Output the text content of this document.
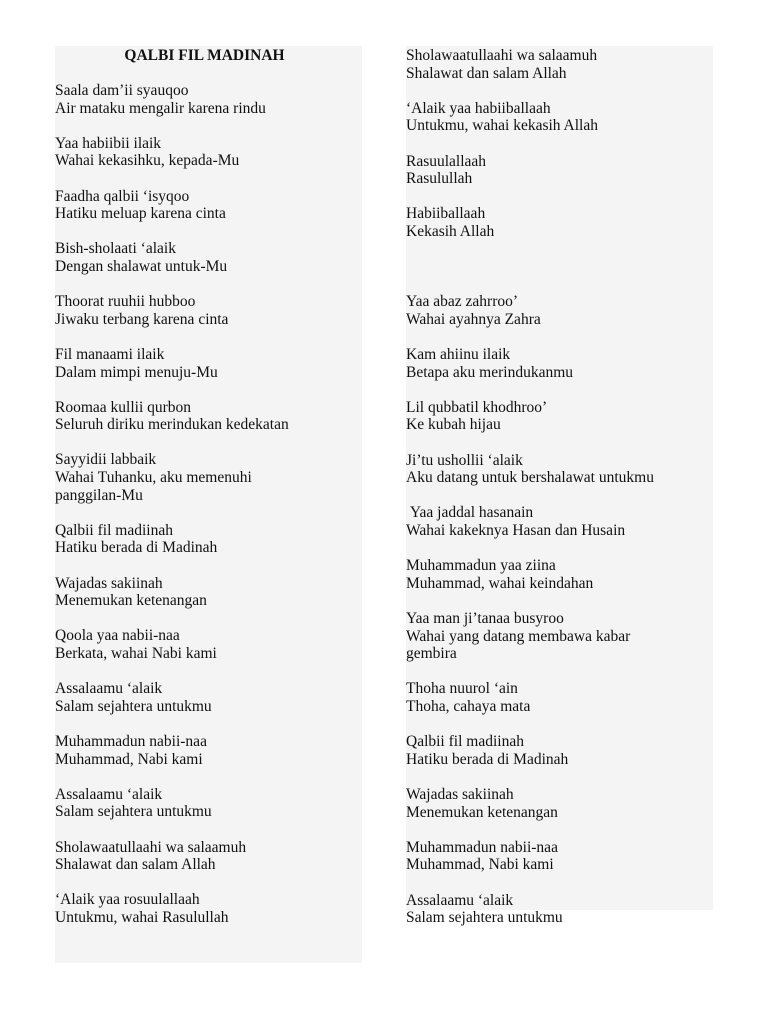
QALBI FIL MADINAH
Saala dam’ii syauqoo
Air mataku mengalir karena rindu
Yaa habiibii ilaik
Wahai kekasihku, kepada-Mu
Faadha qalbii ‘isyqoo
Hatiku meluap karena cinta
Bish-sholaati ‘alaik
Dengan shalawat untuk-Mu
Thoorat ruuhii hubboo
Jiwaku terbang karena cinta
Fil manaami ilaik
Dalam mimpi menuju-Mu
Roomaa kullii qurbon
Seluruh diriku merindukan kedekatan
Sayyidii labbaik
Wahai Tuhanku, aku memenuhi
panggilan-Mu
Qalbii fil madiinah
Hatiku berada di Madinah
Wajadas sakiinah
Menemukan ketenangan
Qoola yaa nabii-naa
Berkata, wahai Nabi kami
Assalaamu ‘alaik
Salam sejahtera untukmu
Muhammadun nabii-naa
Muhammad, Nabi kami
Assalaamu ‘alaik
Salam sejahtera untukmu
Sholawaatullaahi wa salaamuh
Shalawat dan salam Allah
‘Alaik yaa rosuulallaah
Untukmu, wahai Rasulullah
Sholawaatullaahi wa salaamuh
Shalawat dan salam Allah
‘Alaik yaa habiiballaah
Untukmu, wahai kekasih Allah
Rasuulallaah
Rasulullah
Habiiballaah
Kekasih Allah
Yaa abaz zahrroo’
Wahai ayahnya Zahra
Kam ahiinu ilaik
Betapa aku merindukanmu
Lil qubbatil khodhroo’
Ke kubah hijau
Ji’tu ushollii ‘alaik
Aku datang untuk bershalawat untukmu
Yaa jaddal hasanain
Wahai kakeknya Hasan dan Husain
Muhammadun yaa ziina
Muhammad, wahai keindahan
Yaa man ji’tanaa busyroo
Wahai yang datang membawa kabar
gembira
Thoha nuurol ‘ain
Thoha, cahaya mata
Qalbii fil madiinah
Hatiku berada di Madinah
Wajadas sakiinah
Menemukan ketenangan
Muhammadun nabii-naa
Muhammad, Nabi kami
Assalaamu ‘alaik
Salam sejahtera untukmu
